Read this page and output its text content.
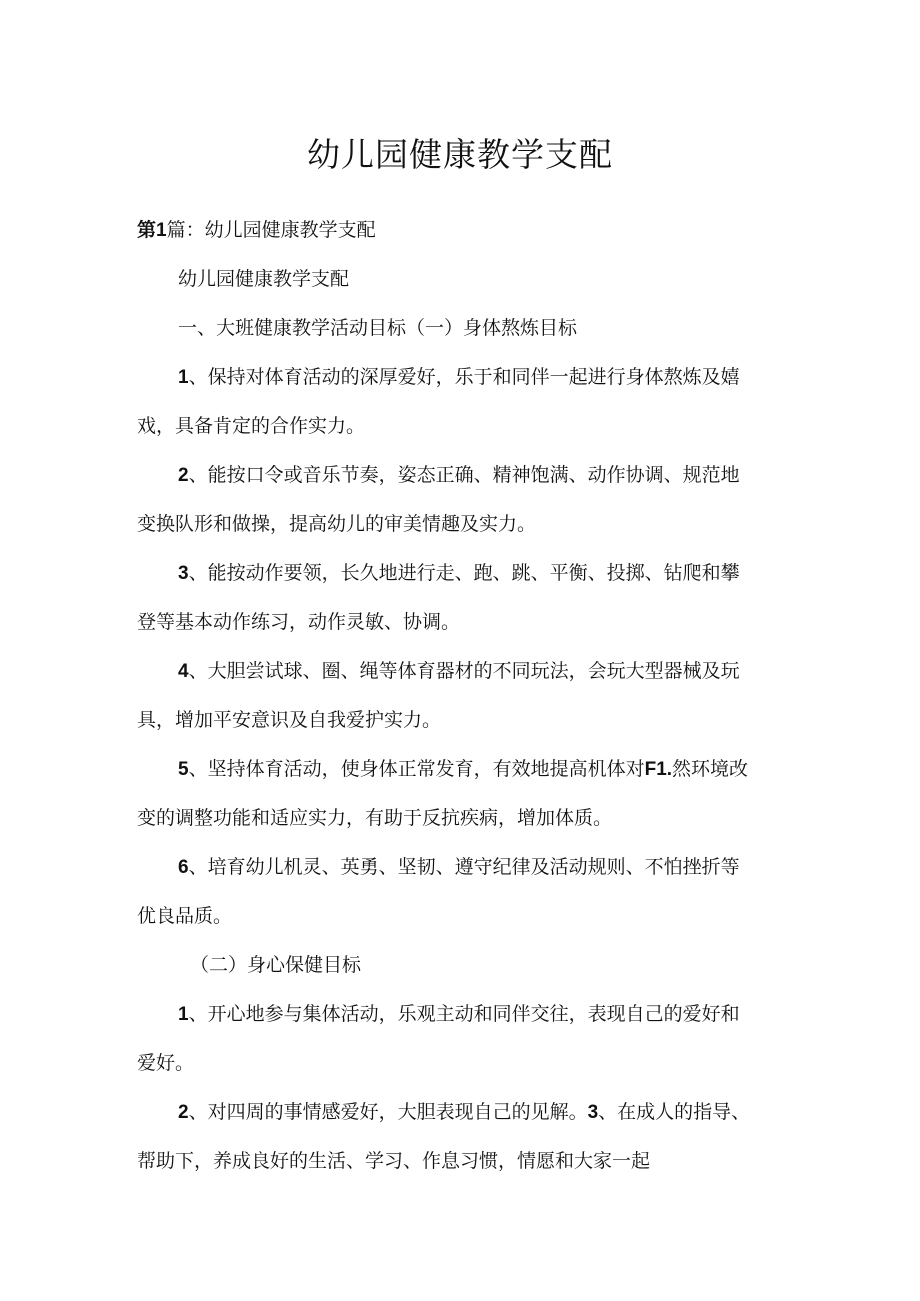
幼儿园健康教学支配
第1篇：幼儿园健康教学支配
幼儿园健康教学支配
一、大班健康教学活动目标（一）身体熬炼目标
1、保持对体育活动的深厚爱好，乐于和同伴一起进行身体熬炼及嬉
戏，具备肯定的合作实力。
2、能按口令或音乐节奏，姿态正确、精神饱满、动作协调、规范地
变换队形和做操，提高幼儿的审美情趣及实力。
3、能按动作要领，长久地进行走、跑、跳、平衡、投掷、钻爬和攀
登等基本动作练习，动作灵敏、协调。
4、大胆尝试球、圈、绳等体育器材的不同玩法，会玩大型器械及玩
具，增加平安意识及自我爱护实力。
5、坚持体育活动，使身体正常发育，有效地提高机体对F1.然环境改
变的调整功能和适应实力，有助于反抗疾病，增加体质。
6、培育幼儿机灵、英勇、坚韧、遵守纪律及活动规则、不怕挫折等
优良品质。
（二）身心保健目标
1、开心地参与集体活动，乐观主动和同伴交往，表现自己的爱好和
爱好。
2、对四周的事情感爱好，大胆表现自己的见解。3、在成人的指导、
帮助下，养成良好的生活、学习、作息习惯，情愿和大家一起
